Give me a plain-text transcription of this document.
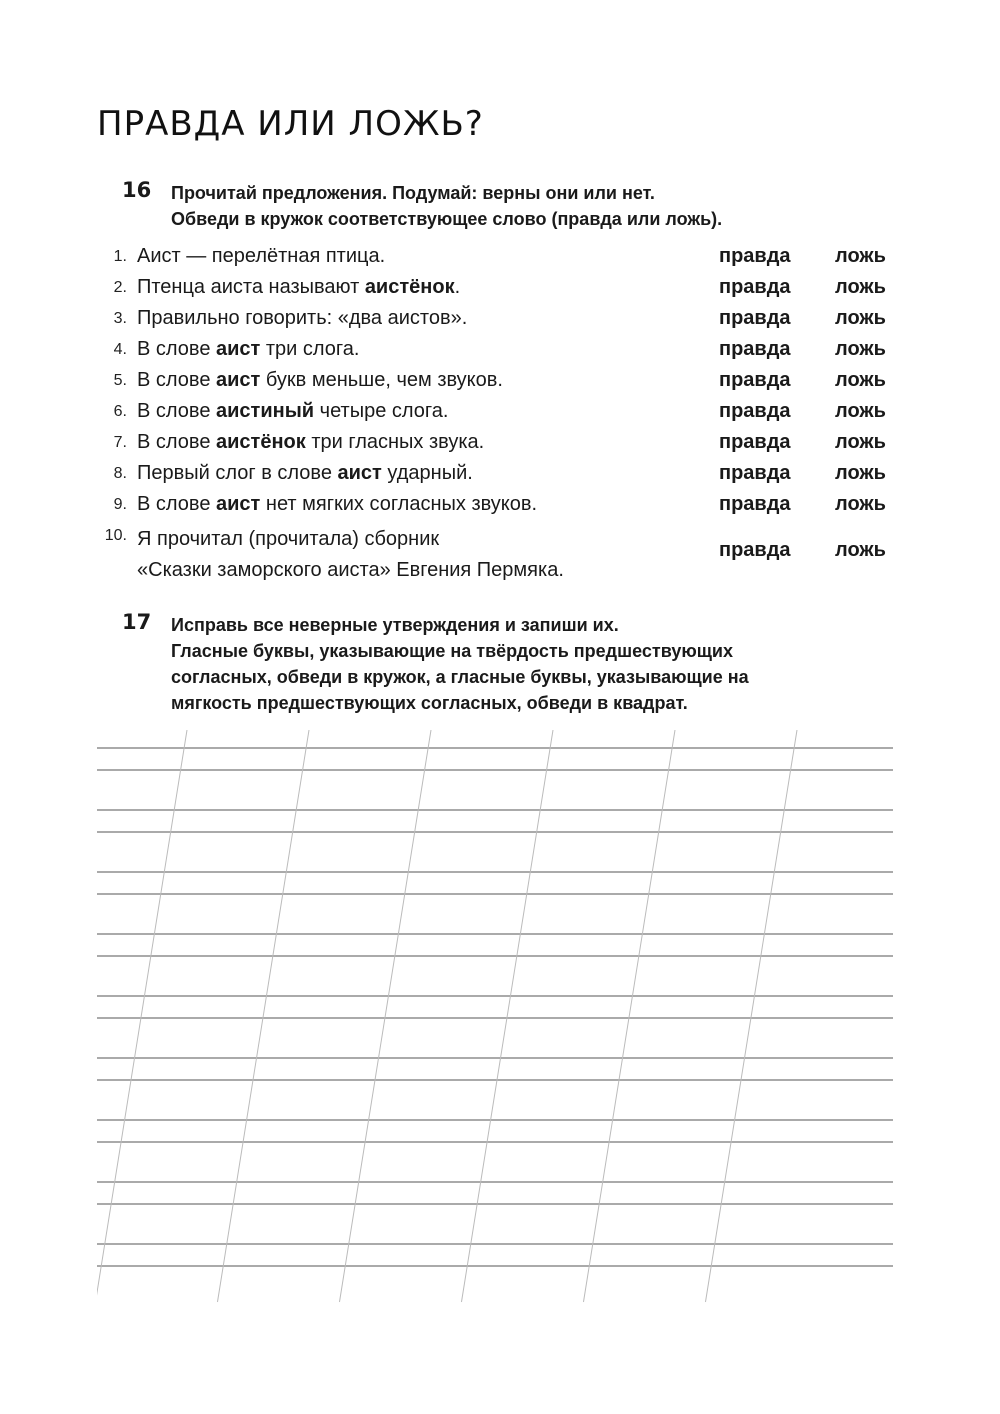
ПРАВДА ИЛИ ЛОЖЬ?
16 Прочитай предложения. Подумай: верны они или нет.
Обведи в кружок соответствующее слово (правда или ложь).
1. Аист — перелётная птица.	правда ложь
2. Птенца аиста называют аистёнок.	правда ложь
3. Правильно говорить: «два аистов».	правда ложь
4. В слове аист три слога.	правда ложь
5. В слове аист букв меньше, чем звуков.	правда ложь
6. В слове аистиный четыре слога.	правда ложь
7. В слове аистёнок три гласных звука.	правда ложь
8. Первый слог в слове аист ударный.	правда ложь
9. В слове аист нет мягких согласных звуков.	правда ложь
10. Я прочитал (прочитала) сборник
«Сказки заморского аиста» Евгения Пермяка.
правда ложь
17 Исправь все неверные утверждения и запиши их.
Гласные буквы, указывающие на твёрдость предшествующих
согласных, обведи в кружок, а гласные буквы, указывающие на
мягкость предшествующих согласных, обведи в квадрат.
